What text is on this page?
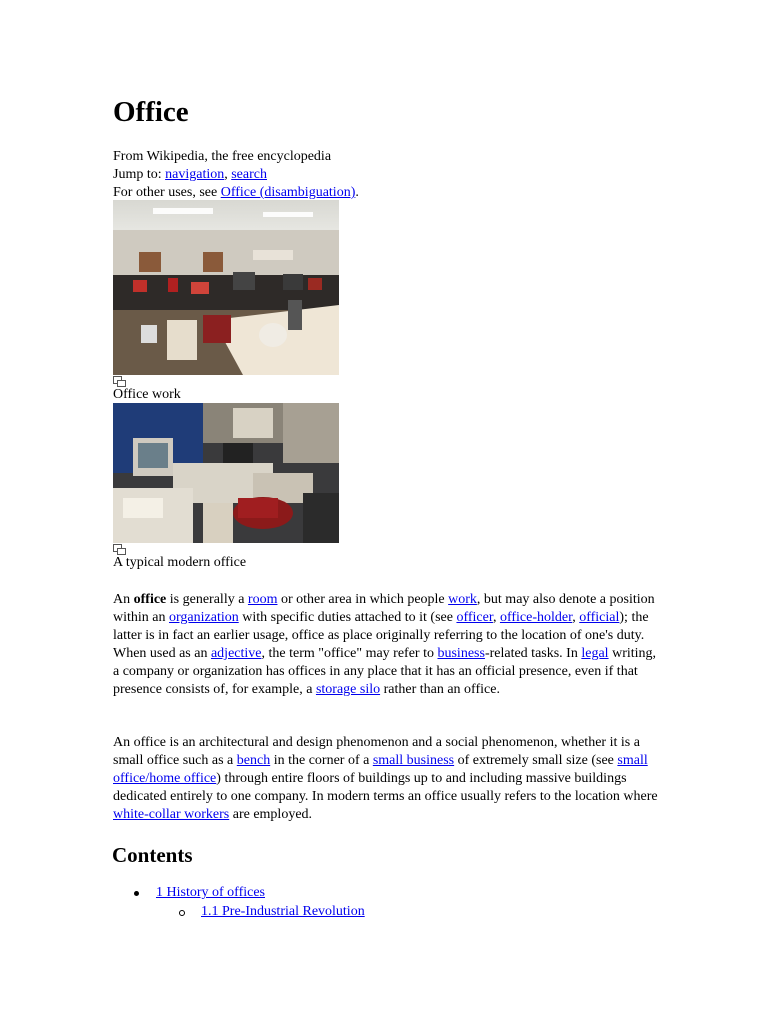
Office
From Wikipedia, the free encyclopedia
Jump to: navigation, search
For other uses, see Office (disambiguation).
Office work
A typical modern office

An office is generally a room or other area in which people work, but may also denote a position within an organization with specific duties attached to it (see officer, office-holder, official); the latter is in fact an earlier usage, office as place originally referring to the location of one's duty. When used as an adjective, the term "office" may refer to business-related tasks. In legal writing, a company or organization has offices in any place that it has an official presence, even if that presence consists of, for example, a storage silo rather than an office.

An office is an architectural and design phenomenon and a social phenomenon, whether it is a small office such as a bench in the corner of a small business of extremely small size (see small office/home office) through entire floors of buildings up to and including massive buildings dedicated entirely to one company. In modern terms an office usually refers to the location where white-collar workers are employed.

Contents
1 History of offices
1.1 Pre-Industrial Revolution
